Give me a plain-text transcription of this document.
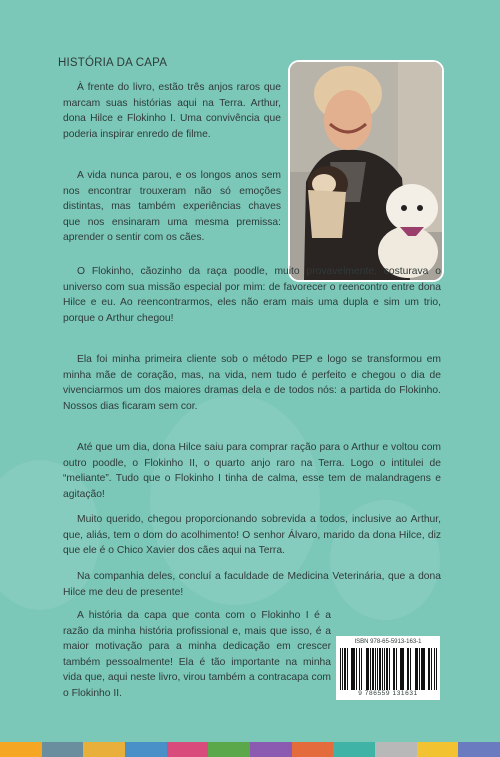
HISTÓRIA DA CAPA

À frente do livro, estão três anjos raros que marcam suas histórias aqui na Terra. Arthur, dona Hilce e Flokinho I. Uma convivência que poderia inspirar enredo de filme.

A vida nunca parou, e os longos anos sem nos encontrar trouxeram não só emoções distintas, mas também experiências chaves que nos ensinaram uma mesma premissa: aprender o sentir com os cães.

O Flokinho, cãozinho da raça poodle, muito provavelmente, costurava o universo com sua missão especial por mim: de favorecer o reencontro entre dona Hilce e eu. Ao reencontrarmos, eles não eram mais uma dupla e sim um trio, porque o Arthur chegou!

Ela foi minha primeira cliente sob o método PEP e logo se transformou em minha mãe de coração, mas, na vida, nem tudo é perfeito e chegou o dia de vivenciarmos um dos maiores dramas dela e de todos nós: a partida do Flokinho. Nossos dias ficaram sem cor.

Até que um dia, dona Hilce saiu para comprar ração para o Arthur e voltou com outro poodle, o Flokinho II, o quarto anjo raro na Terra. Logo o intitulei de “meliante”. Tudo que o Flokinho I tinha de calma, esse tem de malandragens e agitação!

Muito querido, chegou proporcionando sobrevida a todos, inclusive ao Arthur, que, aliás, tem o dom do acolhimento! O senhor Álvaro, marido da dona Hilce, diz que ele é o Chico Xavier dos cães aqui na Terra.

Na companhia deles, concluí a faculdade de Medicina Veterinária, que a dona Hilce me deu de presente!

A história da capa que conta com o Flokinho I é a razão da minha história profissional e, mais que isso, é a maior motivação para a minha dedicação em crescer também pessoalmente! Ela é tão importante na minha vida que, aqui neste livro, virou também a contracapa com o Flokinho II.

ISBN 978-65-5913-163-1
9 786559 131631
